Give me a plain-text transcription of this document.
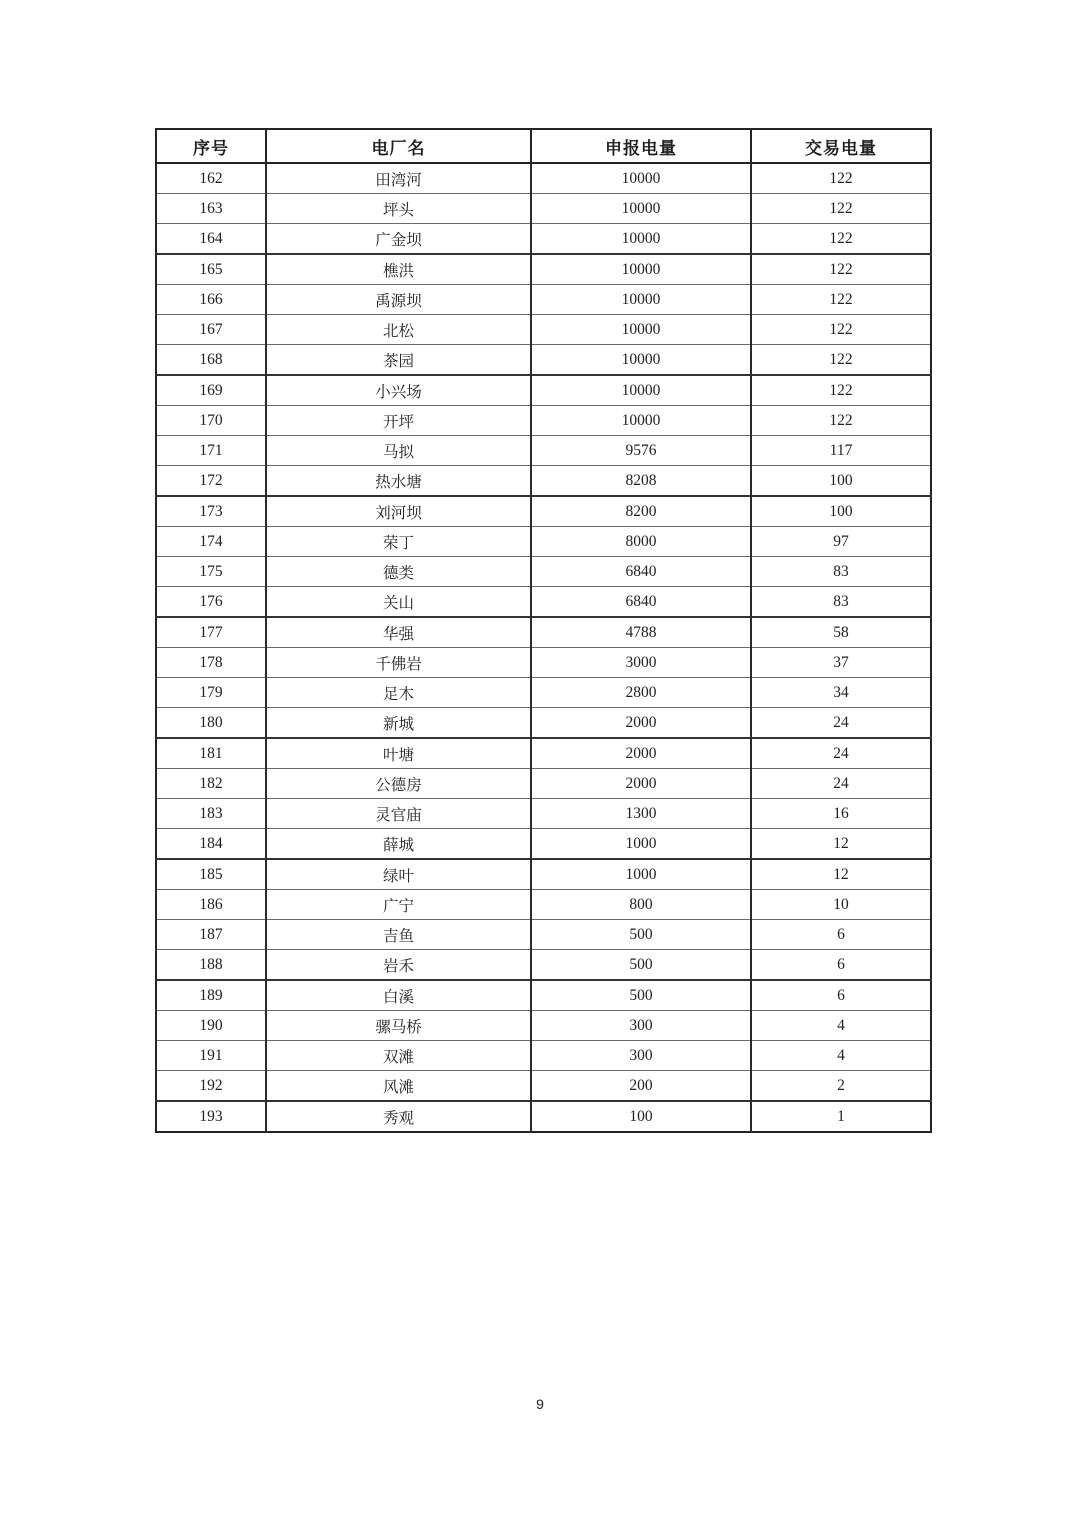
序号	电厂名	申报电量	交易电量
162	田湾河	10000	122
163	坪头	10000	122
164	广金坝	10000	122
165	樵洪	10000	122
166	禹源坝	10000	122
167	北松	10000	122
168	茶园	10000	122
169	小兴场	10000	122
170	开坪	10000	122
171	马拟	9576	117
172	热水塘	8208	100
173	刘河坝	8200	100
174	荣丁	8000	97
175	德类	6840	83
176	关山	6840	83
177	华强	4788	58
178	千佛岩	3000	37
179	足木	2800	34
180	新城	2000	24
181	叶塘	2000	24
182	公德房	2000	24
183	灵官庙	1300	16
184	薛城	1000	12
185	绿叶	1000	12
186	广宁	800	10
187	吉鱼	500	6
188	岩禾	500	6
189	白溪	500	6
190	骡马桥	300	4
191	双滩	300	4
192	风滩	200	2
193	秀观	100	1
9
